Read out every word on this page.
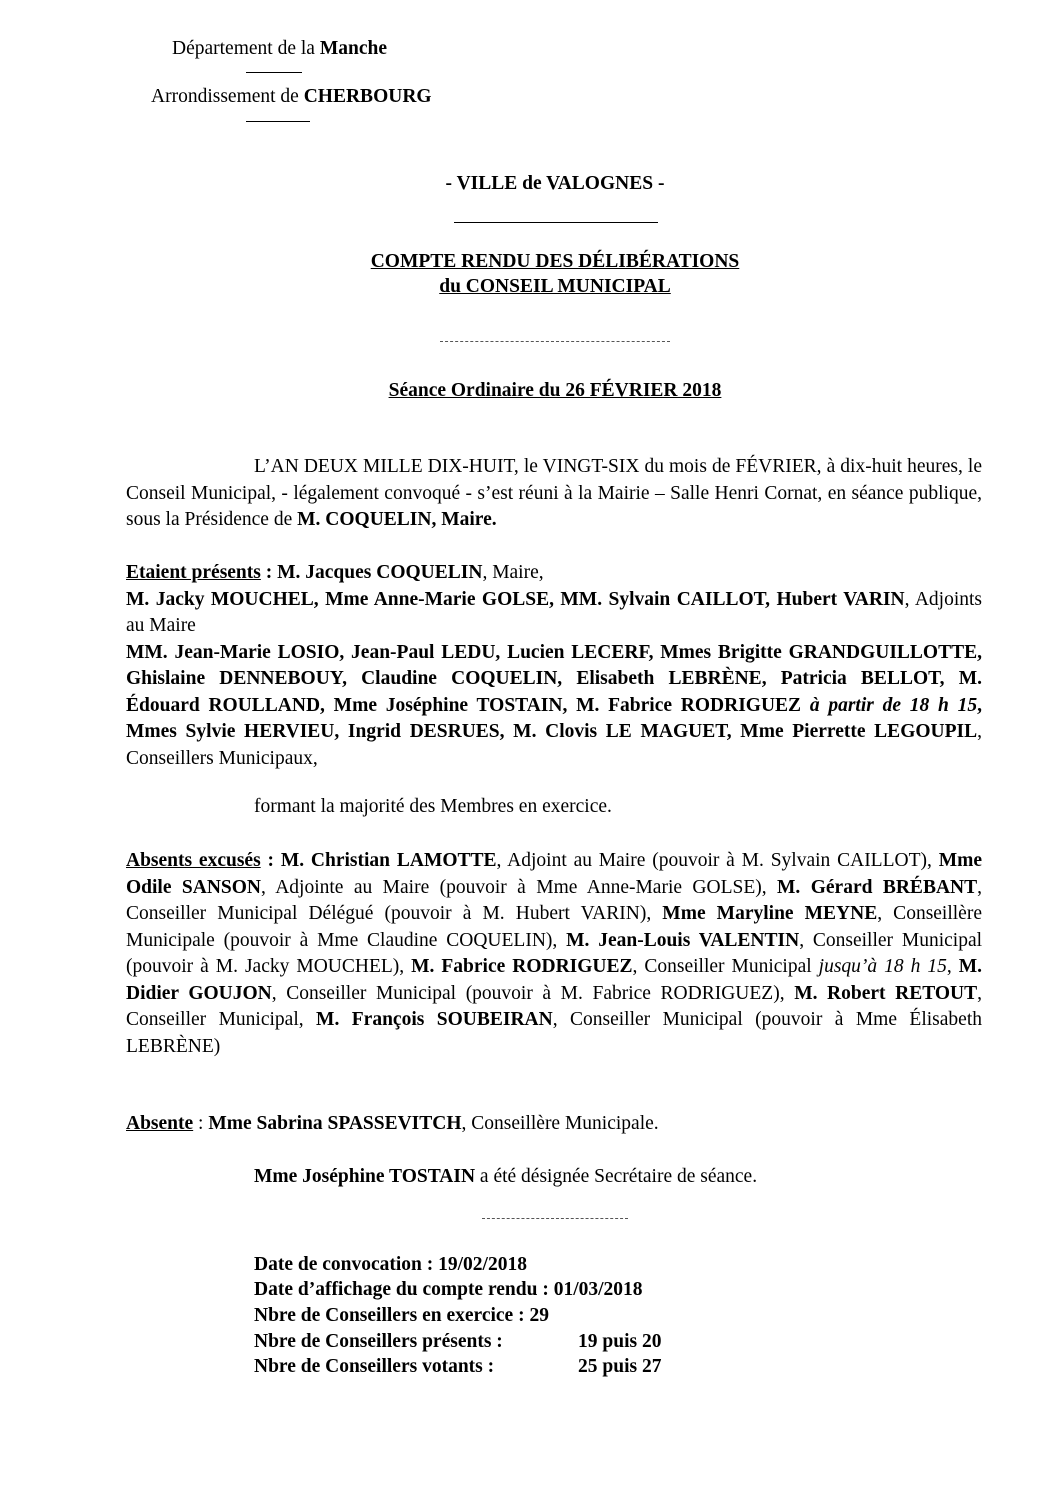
Département de la Manche
Arrondissement de CHERBOURG
- VILLE de VALOGNES -
COMPTE RENDU DES DÉLIBÉRATIONS
du CONSEIL MUNICIPAL
Séance Ordinaire du 26 FÉVRIER 2018
L’AN DEUX MILLE DIX-HUIT, le VINGT-SIX du mois de FÉVRIER, à dix-huit heures, le Conseil Municipal, - légalement convoqué - s’est réuni à la Mairie – Salle Henri Cornat, en séance publique, sous la Présidence de M. COQUELIN, Maire.
Etaient présents : M. Jacques COQUELIN, Maire,
M. Jacky MOUCHEL, Mme Anne-Marie GOLSE, MM. Sylvain CAILLOT, Hubert VARIN, Adjoints au Maire
MM. Jean-Marie LOSIO, Jean-Paul LEDU, Lucien LECERF, Mmes Brigitte GRANDGUILLOTTE, Ghislaine DENNEBOUY, Claudine COQUELIN, Elisabeth LEBRÈNE, Patricia BELLOT, M. Édouard ROULLAND, Mme Joséphine TOSTAIN, M. Fabrice RODRIGUEZ à partir de 18 h 15, Mmes Sylvie HERVIEU, Ingrid DESRUES, M. Clovis LE MAGUET, Mme Pierrette LEGOUPIL, Conseillers Municipaux,
formant la majorité des Membres en exercice.
Absents excusés : M. Christian LAMOTTE, Adjoint au Maire (pouvoir à M. Sylvain CAILLOT), Mme Odile SANSON, Adjointe au Maire (pouvoir à Mme Anne-Marie GOLSE), M. Gérard BRÉBANT, Conseiller Municipal Délégué (pouvoir à M. Hubert VARIN), Mme Maryline MEYNE, Conseillère Municipale (pouvoir à Mme Claudine COQUELIN), M. Jean-Louis VALENTIN, Conseiller Municipal (pouvoir à M. Jacky MOUCHEL), M. Fabrice RODRIGUEZ, Conseiller Municipal jusqu’à 18 h 15, M. Didier GOUJON, Conseiller Municipal (pouvoir à M. Fabrice RODRIGUEZ), M. Robert RETOUT, Conseiller Municipal, M. François SOUBEIRAN, Conseiller Municipal (pouvoir à Mme Élisabeth LEBRÈNE)
Absente : Mme Sabrina SPASSEVITCH, Conseillère Municipale.
Mme Joséphine TOSTAIN a été désignée Secrétaire de séance.
Date de convocation : 19/02/2018
Date d’affichage du compte rendu : 01/03/2018
Nbre de Conseillers en exercice : 29
Nbre de Conseillers présents :	19 puis 20
Nbre de Conseillers votants :	25 puis 27
